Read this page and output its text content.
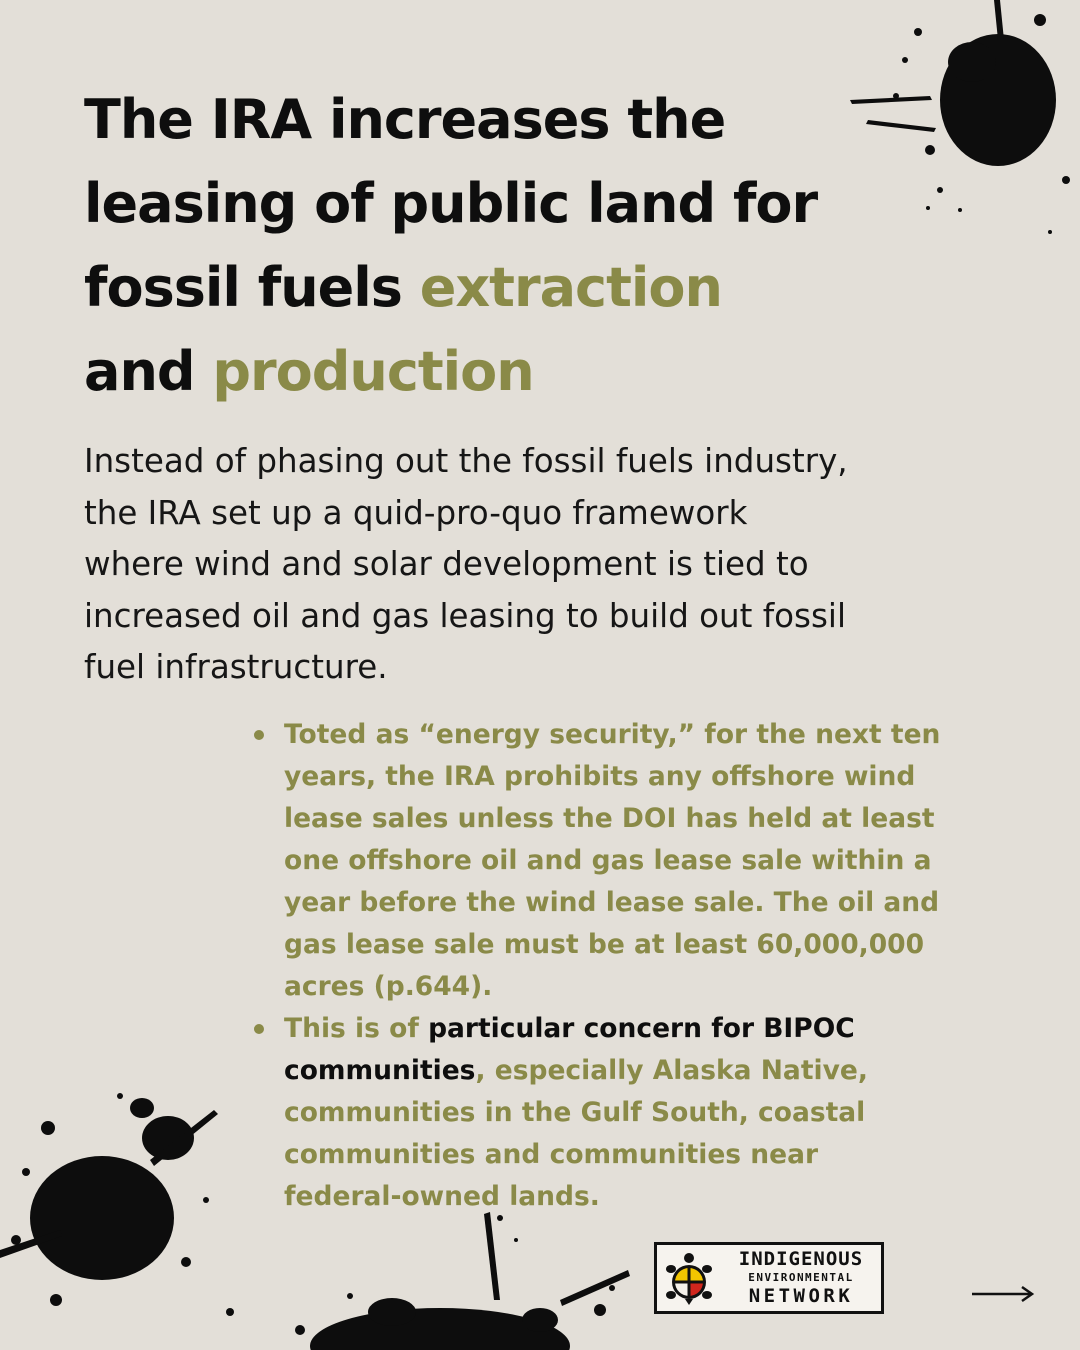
The IRA increases the

leasing of public land for

fossil fuels extraction

and production

Instead of phasing out the fossil fuels industry,

the IRA set up a quid-pro-quo framework

where wind and solar development is tied to

increased oil and gas leasing to build out fossil

fuel infrastructure.

Toted as “energy security,” for the next ten
years, the IRA prohibits any offshore wind
lease sales unless the DOI has held at least
one offshore oil and gas lease sale within a
year before the wind lease sale. The oil and
gas lease sale must be at least 60,000,000
acres (p.644).
This is of particular concern for BIPOC
communities, especially Alaska Native,
communities in the Gulf South, coastal
communities and communities near
federal-owned lands.
INDIGENOUS
ENVIRONMENTAL
NETWORK
